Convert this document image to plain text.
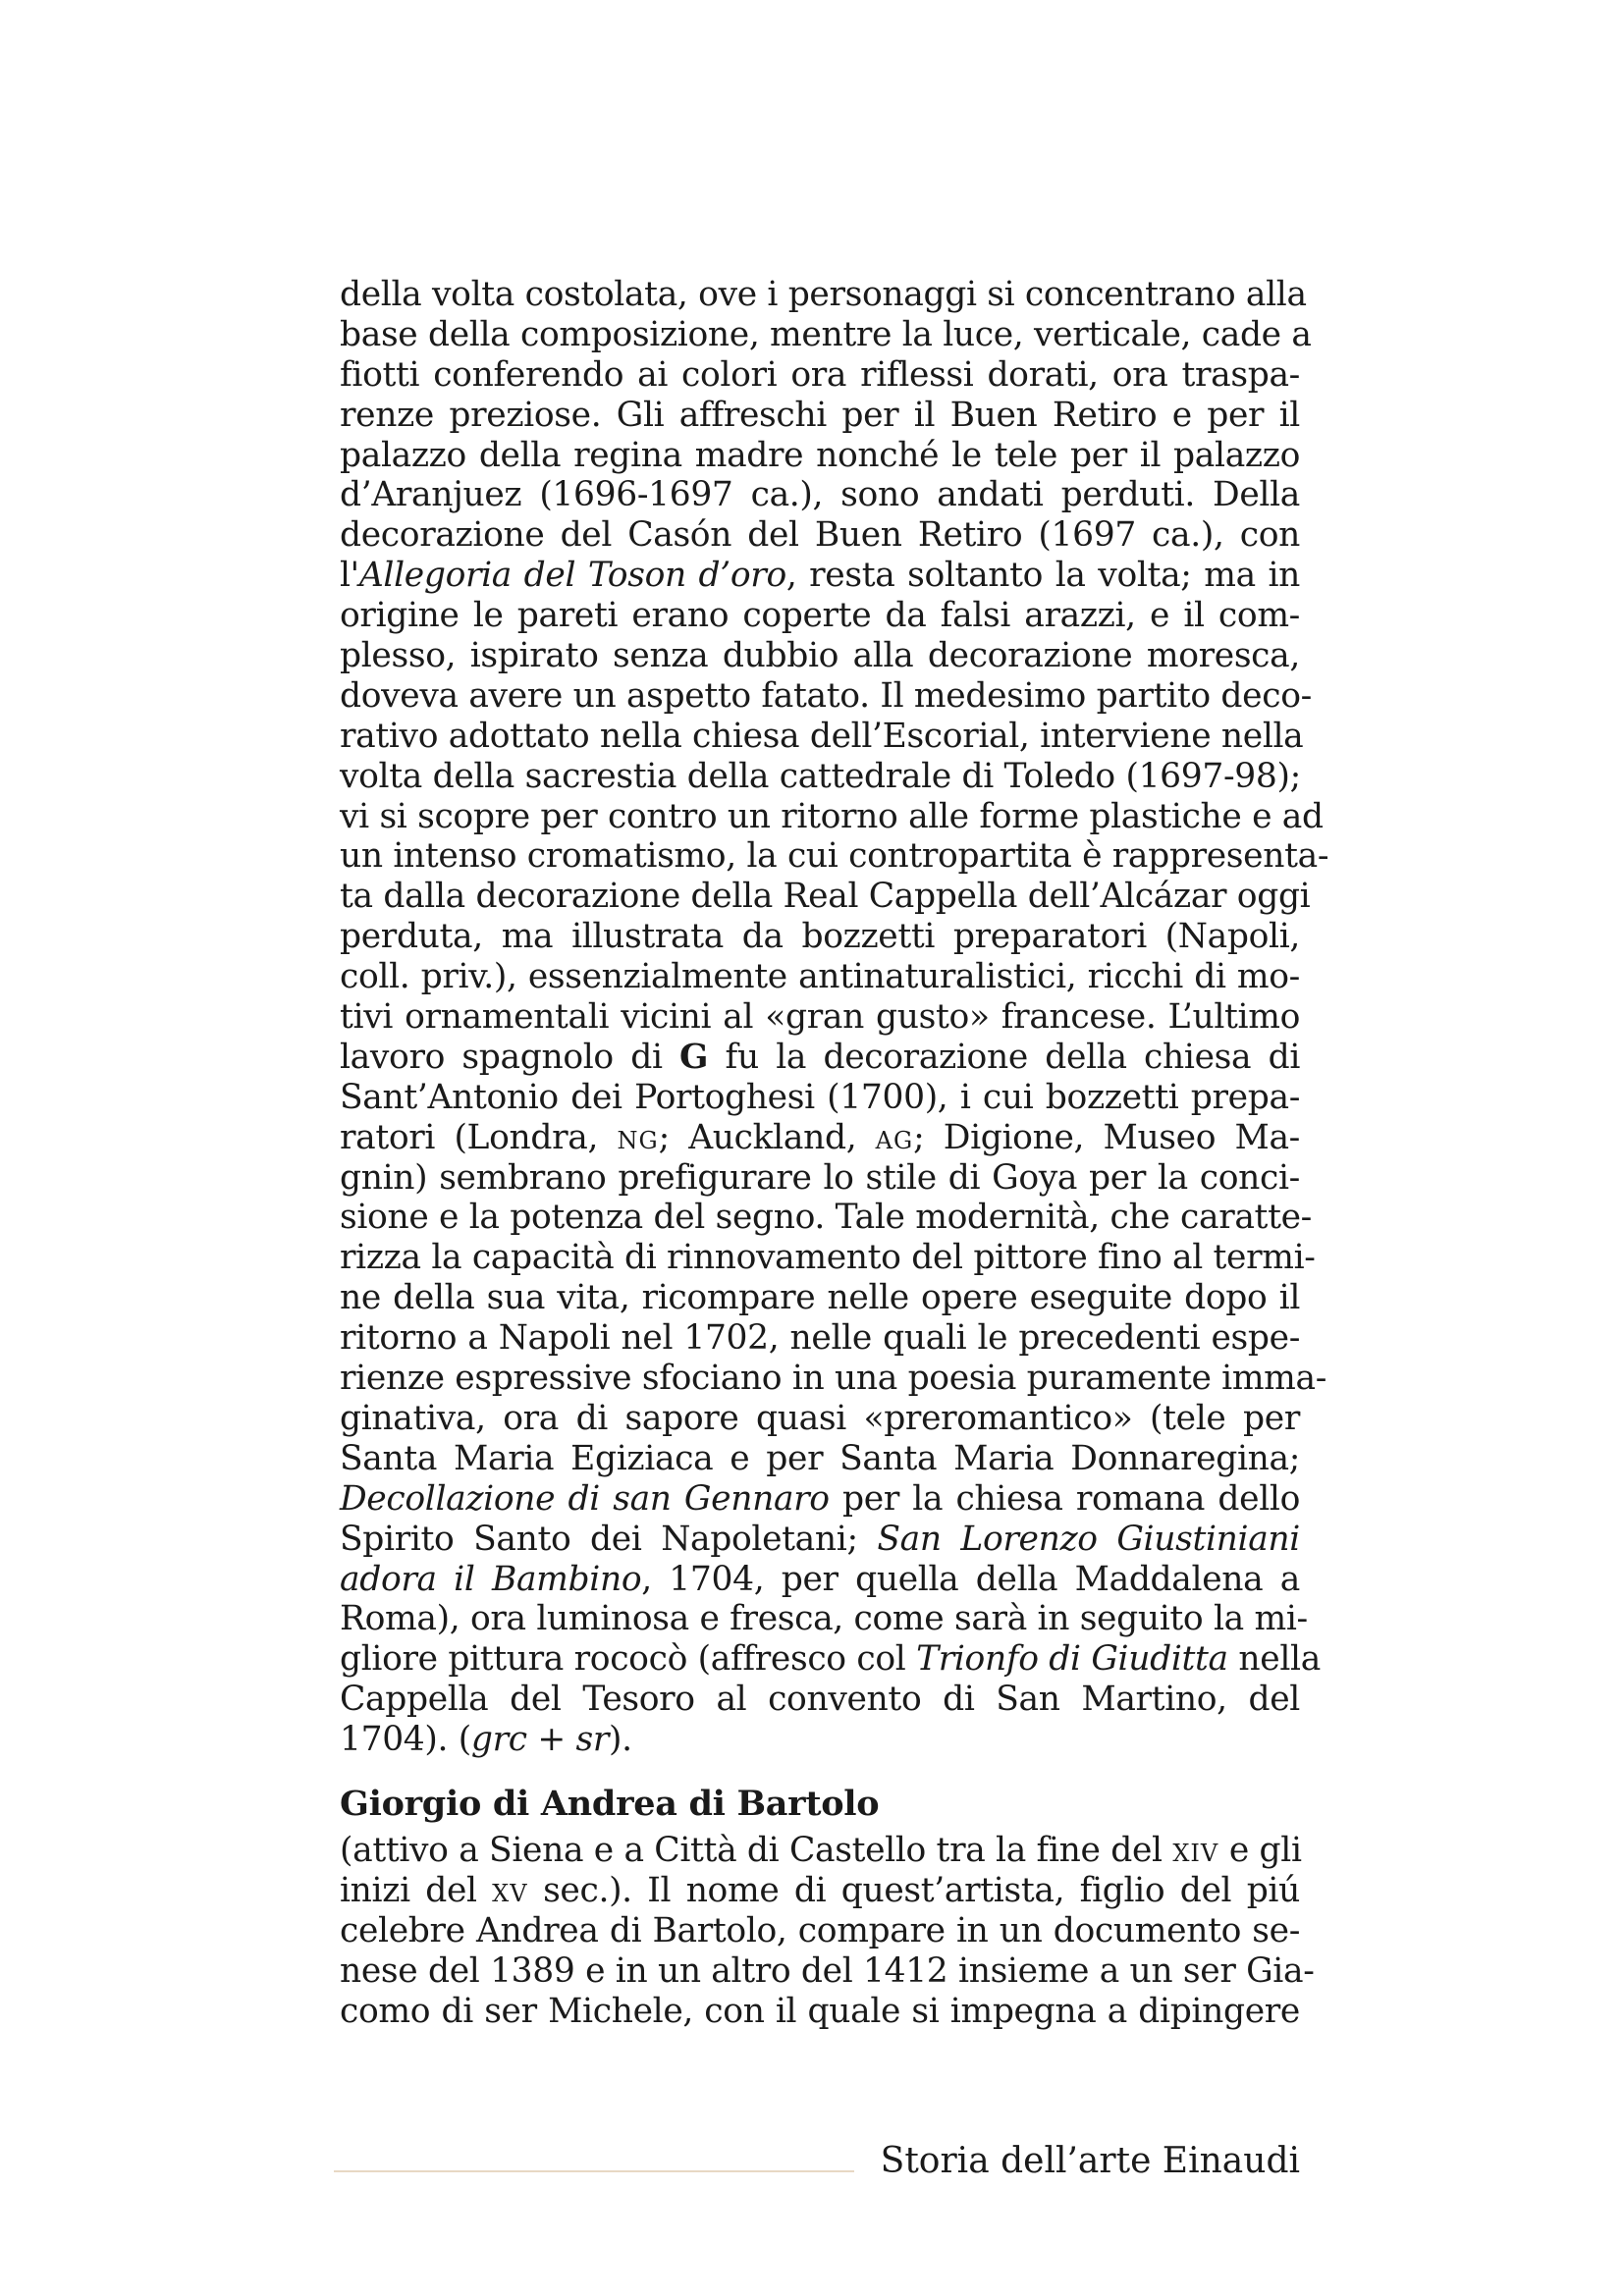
della volta costolata, ove i personaggi si concentrano alla
base della composizione, mentre la luce, verticale, cade a
fiotti conferendo ai colori ora riflessi dorati, ora traspa-
renze preziose. Gli affreschi per il Buen Retiro e per il
palazzo della regina madre nonché le tele per il palazzo
d’Aranjuez (1696-1697 ca.), sono andati perduti. Della
decorazione del Casón del Buen Retiro (1697 ca.), con
l'Allegoria del Toson d’oro, resta soltanto la volta; ma in
origine le pareti erano coperte da falsi arazzi, e il com-
plesso, ispirato senza dubbio alla decorazione moresca,
doveva avere un aspetto fatato. Il medesimo partito deco-
rativo adottato nella chiesa dell’Escorial, interviene nella
volta della sacrestia della cattedrale di Toledo (1697-98);
vi si scopre per contro un ritorno alle forme plastiche e ad
un intenso cromatismo, la cui contropartita è rappresenta-
ta dalla decorazione della Real Cappella dell’Alcázar oggi
perduta, ma illustrata da bozzetti preparatori (Napoli,
coll. priv.), essenzialmente antinaturalistici, ricchi di mo-
tivi ornamentali vicini al «gran gusto» francese. L’ultimo
lavoro spagnolo di G fu la decorazione della chiesa di
Sant’Antonio dei Portoghesi (1700), i cui bozzetti prepa-
ratori (Londra, NG; Auckland, AG; Digione, Museo Ma-
gnin) sembrano prefigurare lo stile di Goya per la conci-
sione e la potenza del segno. Tale modernità, che caratte-
rizza la capacità di rinnovamento del pittore fino al termi-
ne della sua vita, ricompare nelle opere eseguite dopo il
ritorno a Napoli nel 1702, nelle quali le precedenti espe-
rienze espressive sfociano in una poesia puramente imma-
ginativa, ora di sapore quasi «preromantico» (tele per
Santa Maria Egiziaca e per Santa Maria Donnaregina;
Decollazione di san Gennaro per la chiesa romana dello
Spirito Santo dei Napoletani; San Lorenzo Giustiniani
adora il Bambino, 1704, per quella della Maddalena a
Roma), ora luminosa e fresca, come sarà in seguito la mi-
gliore pittura rococò (affresco col Trionfo di Giuditta nella
Cappella del Tesoro al convento di San Martino, del
1704). (grc + sr).
Giorgio di Andrea di Bartolo
(attivo a Siena e a Città di Castello tra la fine del XIV e gli
inizi del XV sec.). Il nome di quest’artista, figlio del piú
celebre Andrea di Bartolo, compare in un documento se-
nese del 1389 e in un altro del 1412 insieme a un ser Gia-
como di ser Michele, con il quale si impegna a dipingere
Storia dell’arte Einaudi
